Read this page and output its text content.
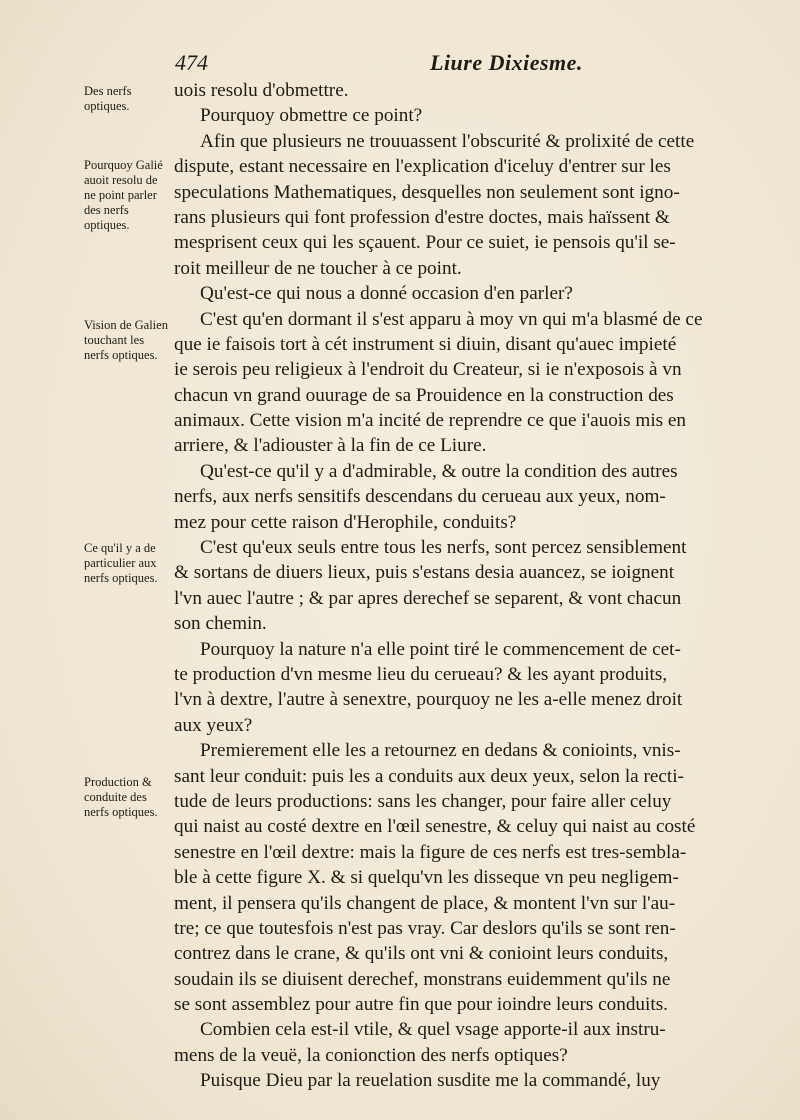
474	Liure Dixiesme.
Des nerfs optiques.
Pourquoy Galié auoit resolu de ne point parler des nerfs optiques.
Vision de Galien touchant les nerfs optiques.
Ce qu'il y a de particulier aux nerfs optiques.
Production & conduite des nerfs optiques.
uois resolu d'obmettre.
Pourquoy obmettre ce point?
Afin que plusieurs ne trouuassent l'obscurité & prolixité de cette
dispute, estant necessaire en l'explication d'iceluy d'entrer sur les
speculations Mathematiques, desquelles non seulement sont igno-
rans plusieurs qui font profession d'estre doctes, mais haïssent &
mesprisent ceux qui les sçauent. Pour ce suiet, ie pensois qu'il se-
roit meilleur de ne toucher à ce point.
Qu'est-ce qui nous a donné occasion d'en parler?
C'est qu'en dormant il s'est apparu à moy vn qui m'a blasmé de ce
que ie faisois tort à cét instrument si diuin, disant qu'auec impieté
ie serois peu religieux à l'endroit du Createur, si ie n'exposois à vn
chacun vn grand ouurage de sa Prouidence en la construction des
animaux. Cette vision m'a incité de reprendre ce que i'auois mis en
arriere, & l'adiouster à la fin de ce Liure.
Qu'est-ce qu'il y a d'admirable, & outre la condition des autres
nerfs, aux nerfs sensitifs descendans du cerueau aux yeux, nom-
mez pour cette raison d'Herophile, conduits?
C'est qu'eux seuls entre tous les nerfs, sont percez sensiblement
& sortans de diuers lieux, puis s'estans desia auancez, se ioignent
l'vn auec l'autre ; & par apres derechef se separent, & vont chacun
son chemin.
Pourquoy la nature n'a elle point tiré le commencement de cet-
te production d'vn mesme lieu du cerueau? & les ayant produits,
l'vn à dextre, l'autre à senextre, pourquoy ne les a-elle menez droit
aux yeux?
Premierement elle les a retournez en dedans & conioints, vnis-
sant leur conduit: puis les a conduits aux deux yeux, selon la recti-
tude de leurs productions: sans les changer, pour faire aller celuy
qui naist au costé dextre en l'œil senestre, & celuy qui naist au costé
senestre en l'œil dextre: mais la figure de ces nerfs est tres-sembla-
ble à cette figure X. & si quelqu'vn les disseque vn peu negligem-
ment, il pensera qu'ils changent de place, & montent l'vn sur l'au-
tre; ce que toutesfois n'est pas vray. Car deslors qu'ils se sont ren-
contrez dans le crane, & qu'ils ont vni & conioint leurs conduits,
soudain ils se diuisent derechef, monstrans euidemment qu'ils ne
se sont assemblez pour autre fin que pour ioindre leurs conduits.
Combien cela est-il vtile, & quel vsage apporte-il aux instru-
mens de la veuë, la conionction des nerfs optiques?
Puisque Dieu par la reuelation susdite me la commandé, luy
